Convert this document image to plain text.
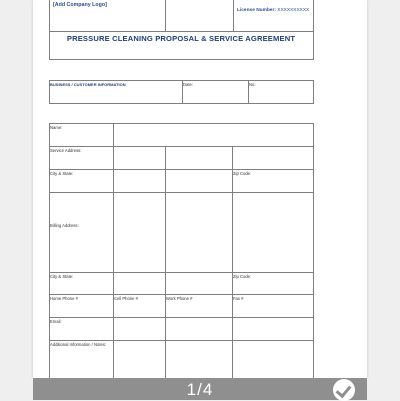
[Add Company Logo]
License Number: XXXXXXXXXX
PRESSURE CLEANING PROPOSAL & SERVICE AGREEMENT
BUSINESS / CUSTOMER INFORMATION	Date:	No:
Name:
Service Address:
City & State:	Zip Code:
Billing Address:
City & State:	Zip Code:
Home Phone #	Cell Phone #	Work Phone #	Fax #
Email:
Additional Information / Notes:
1/4
